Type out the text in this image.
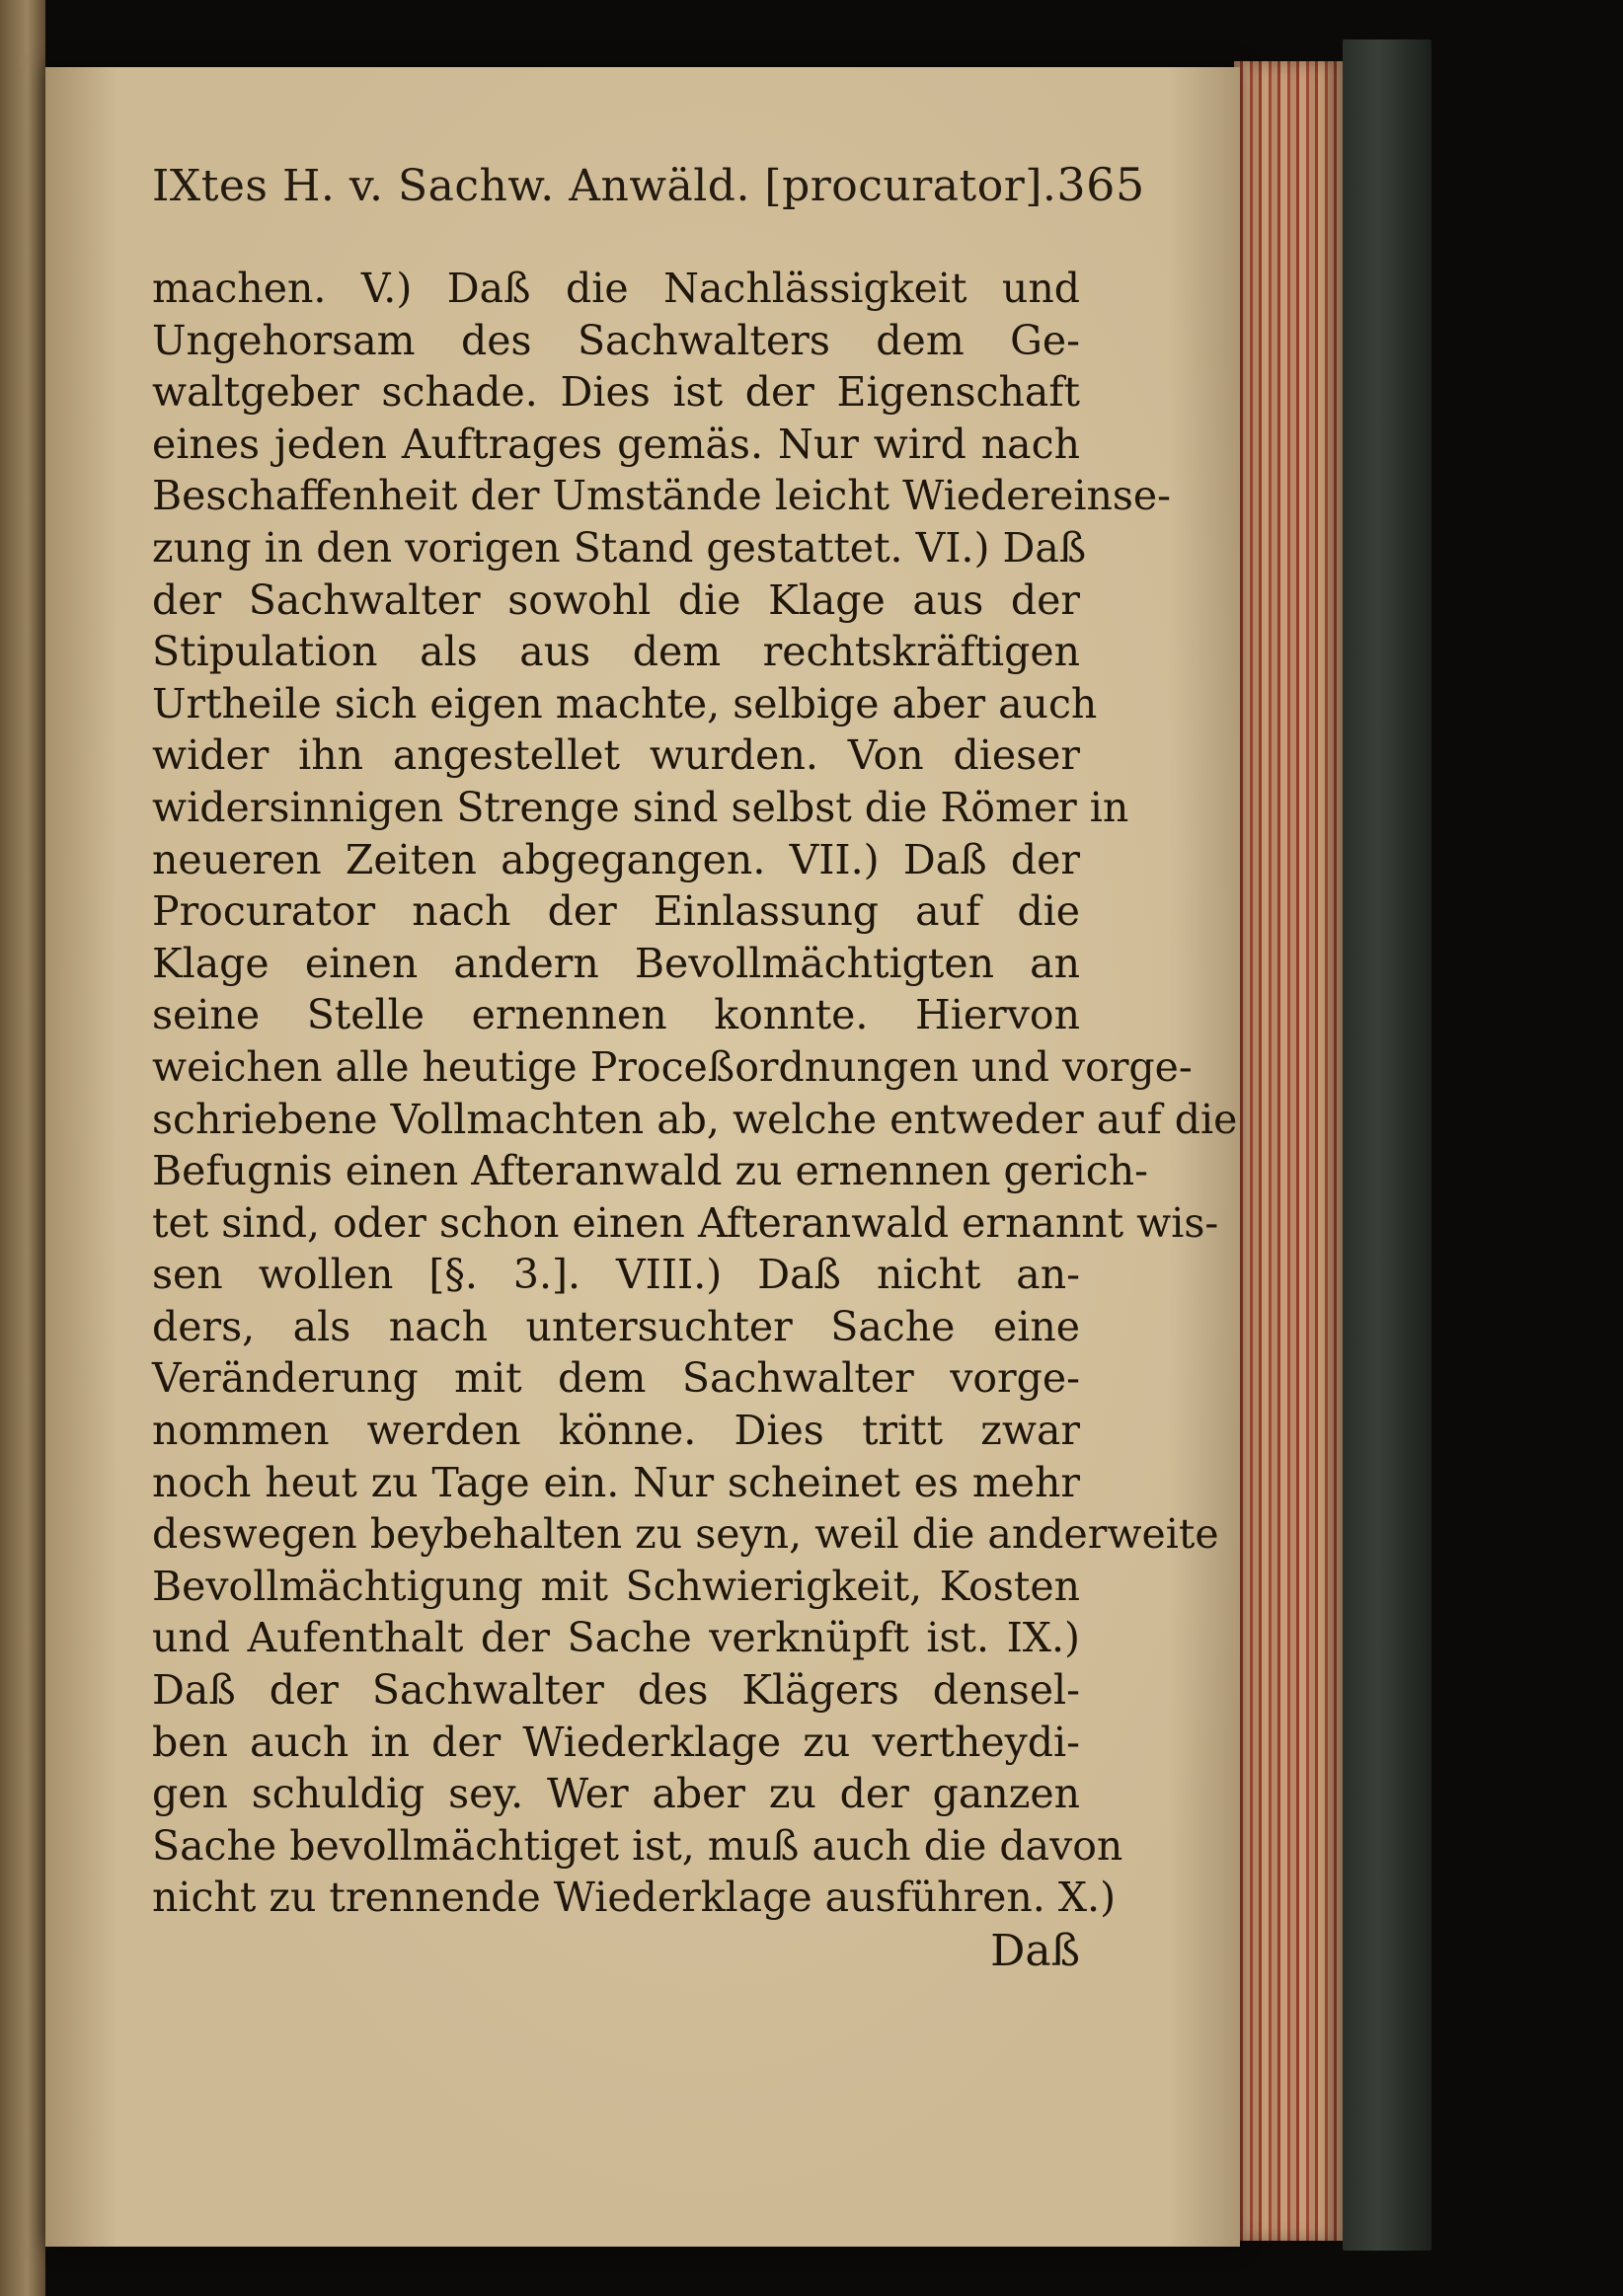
IXtes H. v. Sachw. Anwäld. [procurator]. 365
machen. V.) Daß die Nachlässigkeit und
Ungehorsam des Sachwalters dem Ge-
waltgeber schade. Dies ist der Eigenschaft
eines jeden Auftrages gemäs. Nur wird nach
Beschaffenheit der Umstände leicht Wiedereinse-
zung in den vorigen Stand gestattet. VI.) Daß
der Sachwalter sowohl die Klage aus der
Stipulation als aus dem rechtskräftigen
Urtheile sich eigen machte, selbige aber auch
wider ihn angestellet wurden. Von dieser
widersinnigen Strenge sind selbst die Römer in
neueren Zeiten abgegangen. VII.) Daß der
Procurator nach der Einlassung auf die
Klage einen andern Bevollmächtigten an
seine Stelle ernennen konnte. Hiervon
weichen alle heutige Proceßordnungen und vorge-
schriebene Vollmachten ab, welche entweder auf die
Befugnis einen Afteranwald zu ernennen gerich-
tet sind, oder schon einen Afteranwald ernannt wis-
sen wollen [§. 3.]. VIII.) Daß nicht an-
ders, als nach untersuchter Sache eine
Veränderung mit dem Sachwalter vorge-
nommen werden könne. Dies tritt zwar
noch heut zu Tage ein. Nur scheinet es mehr
deswegen beybehalten zu seyn, weil die anderweite
Bevollmächtigung mit Schwierigkeit, Kosten
und Aufenthalt der Sache verknüpft ist. IX.)
Daß der Sachwalter des Klägers densel-
ben auch in der Wiederklage zu vertheydi-
gen schuldig sey. Wer aber zu der ganzen
Sache bevollmächtiget ist, muß auch die davon
nicht zu trennende Wiederklage ausführen. X.)
Daß
